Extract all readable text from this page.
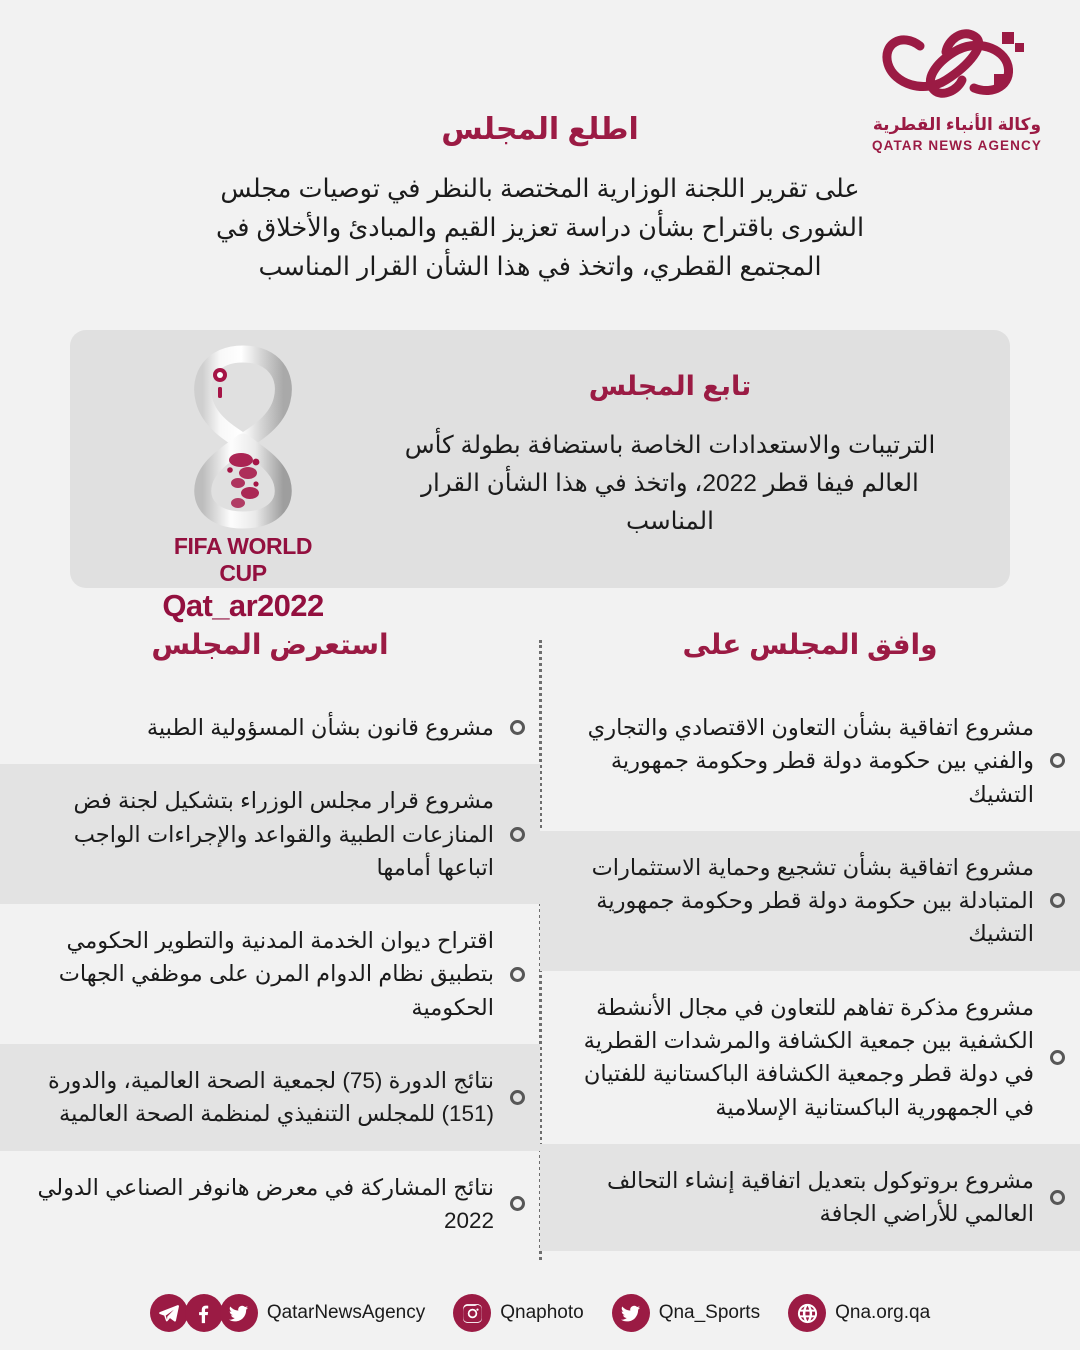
وكالة الأنباء القطرية
QATAR NEWS AGENCY
اطلع المجلس
على تقرير اللجنة الوزارية المختصة بالنظر في توصيات مجلس الشورى باقتراح بشأن دراسة تعزيز القيم والمبادئ والأخلاق في المجتمع القطري، واتخذ في هذا الشأن القرار المناسب
FIFA WORLD CUP
Qat_ar2022
تابع المجلس
الترتيبات والاستعدادات الخاصة باستضافة بطولة كأس العالم فيفا قطر 2022، واتخذ في هذا الشأن القرار المناسب
وافق المجلس على
مشروع اتفاقية بشأن التعاون الاقتصادي والتجاري والفني بين حكومة دولة قطر وحكومة جمهورية التشيك
مشروع اتفاقية بشأن تشجيع وحماية الاستثمارات المتبادلة بين حكومة دولة قطر وحكومة جمهورية التشيك
مشروع مذكرة تفاهم للتعاون في مجال الأنشطة الكشفية بين جمعية الكشافة والمرشدات القطرية في دولة قطر وجمعية الكشافة الباكستانية للفتيان في الجمهورية الباكستانية الإسلامية
مشروع بروتوكول بتعديل اتفاقية إنشاء التحالف العالمي للأراضي الجافة
استعرض المجلس
مشروع قانون بشأن المسؤولية الطبية
مشروع قرار مجلس الوزراء بتشكيل لجنة فض المنازعات الطبية والقواعد والإجراءات الواجب اتباعها أمامها
اقتراح ديوان الخدمة المدنية والتطوير الحكومي بتطبيق نظام الدوام المرن على موظفي الجهات الحكومية
نتائج الدورة (75) لجمعية الصحة العالمية، والدورة (151) للمجلس التنفيذي لمنظمة الصحة العالمية
نتائج المشاركة في معرض هانوفر الصناعي الدولي 2022
QatarNewsAgency	Qnaphoto	Qna_Sports	Qna.org.qa
